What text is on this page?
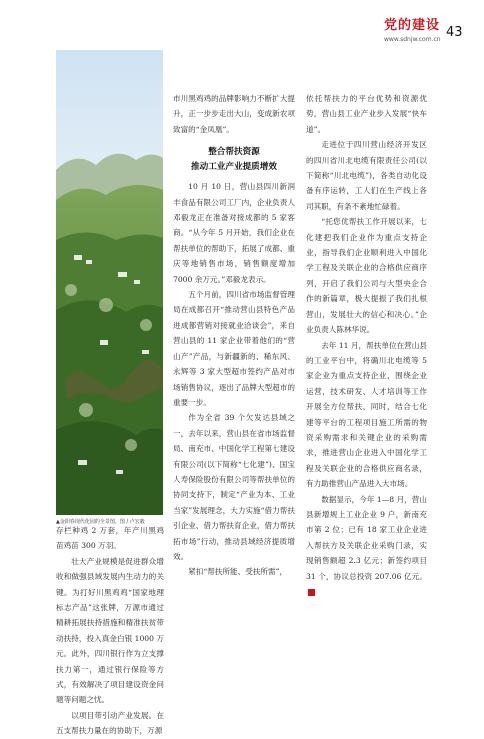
党的建设
www.sdnjw.com.cn 43
▲金阳春现代化园的全景图，图 / 卢宏毅

存栏种鸡 2 万套，年产川黑鸡苗鸡苗 300 万羽。

壮大产业规模是促进群众增收和做强县域发展内生动力的关键。为打好川黑鸡鸡“国家地理标志产品”这张牌，万源市通过精耕拓展扶持措施和精准扶贫带动扶持，投入真金白银 1000 万元。此外，四川银行作为立支撑扶力第一，通过银行保险等方式，有效解决了项目建设资金问题等问题之忧。

以项目带引动产业发展。在五支帮扶力量在的协助下，万源

市川黑鸡鸡的品牌影响力不断扩大提升，正一步步走出大山，变成新农项致富的“金凤凰”。

整合帮扶资源
推动工业产业提质增效

10 月 10 日，营山县四川新润丰食品有限公司工厂内，企业负责人邓毅龙正在准备对接成都的 5 家客商。“从今年 5 月开始，我们企业在帮扶单位的帮助下，拓展了成都、重庆等地销售市场，销售额度增加 7000 余万元。”邓毅龙表示。

五个月前，四川省市场监督管理局在成都召开“推动营山县特色产品进成都营销对接就业洽谈会”，来自营山县的 11 家企业带着他们的“营山产”产品，与新疆新的、稀东风、永辉等 3 家大型超市签约产品对市场销售协议，逐出了品牌大型超市的重要一步。

作为全省 39 个欠发达县域之一，去年以来，营山县在省市场监督局、南充市、中国化学工程第七建设有限公司(以下简称“七化建”)、国宝人寿保险股份有限公司等帮扶单位的协同支持下，制定“产业为本、工业当家”发展理念，大力实施“借力帮扶引企业、借力帮扶育企业，借力帮扶拓市场”行动，推动县域经济提质增效。

紧扣“帮扶所能、受扶所需”，

依托帮扶力的平台优势和资源优势，营山县工业产业步入发展“快车道”。

走进位于四川营山经济开发区的四川省川北电缆有限责任公司(以下简称“川北电缆”)，各类自动化设备有序运转，工人们在生产线上各司其职，有条不紊地忙碌着。

“托您优帮扶工作开展以来，七化建把我们企业作为重点支持企业，指导我们企业顺利进入中国化学工程及关联企业的合格供应商序列，开启了我们公司与大型央企合作的新篇章，极大提振了我们扎根营山，发展壮大的信心和决心。”企业负责人陈林华说。

去年 11 月，帮扶单位在营山县的工业平台中，将确川北电缆等 5 家企业为重点支持企业，围绕企业运营，技术研发、人才培训等工作开展全方位帮扶，同时，结合七化建等平台的工程项目施工所需的物资采购需求和关键企业的采购需求，推进营山企业进入中国化学工程及关联企业的合格供应商名录，有力助推营山产品进入大市场。

数据显示，今年 1—8 月，营山县新增规上工业企业 9 户，新南充市第 2 位；已有 18 家工业企业进入帮扶方及关联企业采购门录，实现销售额超 2.3 亿元；新签约项目 31 个，协议总投资 207.06 亿元。图
